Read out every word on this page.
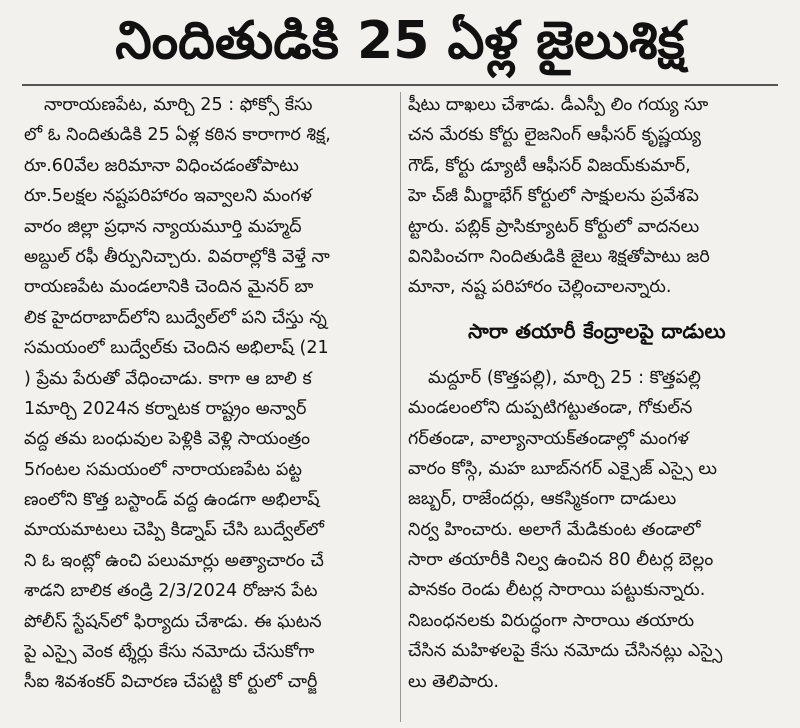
నిందితుడికి 25 ఏళ్ల జైలుశిక్ష
నారాయణపేట, మార్చి 25 : ఫోక్సో కేసు
లో ఓ నిందితుడికి 25 ఏళ్ల కఠిన కారాగార శిక్ష,
రూ.60వేల జరిమానా విధించడంతోపాటు
రూ.5లక్షల నష్టపరిహారం ఇవ్వాలని మంగళ
వారం జిల్లా ప్రధాన న్యాయమూర్తి మహ్మద్
అబ్దుల్ రఫీ తీర్పునిచ్చారు. వివరాల్లోకి వెళ్తే నా
రాయణపేట మండలానికి చెందిన మైనర్ బా
లిక హైదరాబాద్‌లోని బుద్వేల్‌లో పని చేస్తు న్న
సమయంలో బుద్వేల్‌కు చెందిన అభిలాష్ (21
) ప్రేమ పేరుతో వేధించాడు. కాగా ఆ బాలి క
1మార్చి 2024న కర్నాటక రాష్ట్రం అన్వార్
వద్ద తమ బంధువుల పెళ్లికి వెళ్లి సాయంత్రం
5గంటల సమయంలో నారాయణపేట పట్ట
ణంలోని కొత్త బస్టాండ్ వద్ద ఉండగా అభిలాష్
మాయమాటలు చెప్పి కిడ్నాప్ చేసి బుద్వేల్‌లో
ని ఓ ఇంట్లో ఉంచి పలుమార్లు అత్యాచారం చే
శాడని బాలిక తండ్రి 2/3/2024 రోజున పేట
పోలీస్ స్టేషన్‌లో ఫిర్యాదు చేశాడు. ఈ ఘటన
పై ఎస్సై వెంక ట్శేర్లు కేసు నమోదు చేసుకోగా
సీఐ శివశంకర్ విచారణ చేపట్టి కో ర్టులో చార్జీ
షీటు దాఖలు చేశాడు. డీఎస్పీ లిం గయ్య సూ
చన మేరకు కోర్టు లైజనింగ్ ఆఫీసర్ కృష్ణయ్య
గౌడ్, కోర్టు డ్యూటీ ఆఫీసర్ విజయ్‌కుమార్,
హె చ్‌జీ మీర్జాభేగ్ కోర్టులో సాక్షులను ప్రవేశపె
ట్టారు. పబ్లిక్ ప్రాసిక్యూటర్ కోర్టులో వాదనలు
వినిపించగా నిందితుడికి జైలు శిక్షతోపాటు జరి
మానా, నష్ట పరిహారం చెల్లించాలన్నారు.
సారా తయారీ కేంద్రాలపై దాడులు
మద్దూర్ (కొత్తపల్లి), మార్చి 25 : కొత్తపల్లి
మండలంలోని దుప్పటిగట్టుతండా, గోకుల్‌న
గర్‌తండా, వాల్యానాయక్‌తండాల్లో మంగళ
వారం కోస్గి, మహ బూబ్‌నగర్ ఎక్సైజ్ ఎస్సై లు
జబ్బర్, రాజేందర్లు, ఆకస్మికంగా దాడులు
నిర్వ హించారు. అలాగే మేడికుంట తండాలో
సారా తయారీకి నిల్వ ఉంచిన 80 లీటర్ల బెల్లం
పానకం రెండు లీటర్ల సారాయి పట్టుకున్నారు.
నిబంధనలకు విరుద్ధంగా సారాయి తయారు
చేసిన మహిళలపై కేసు నమోదు చేసినట్లు ఎస్సై
లు తెలిపారు.
